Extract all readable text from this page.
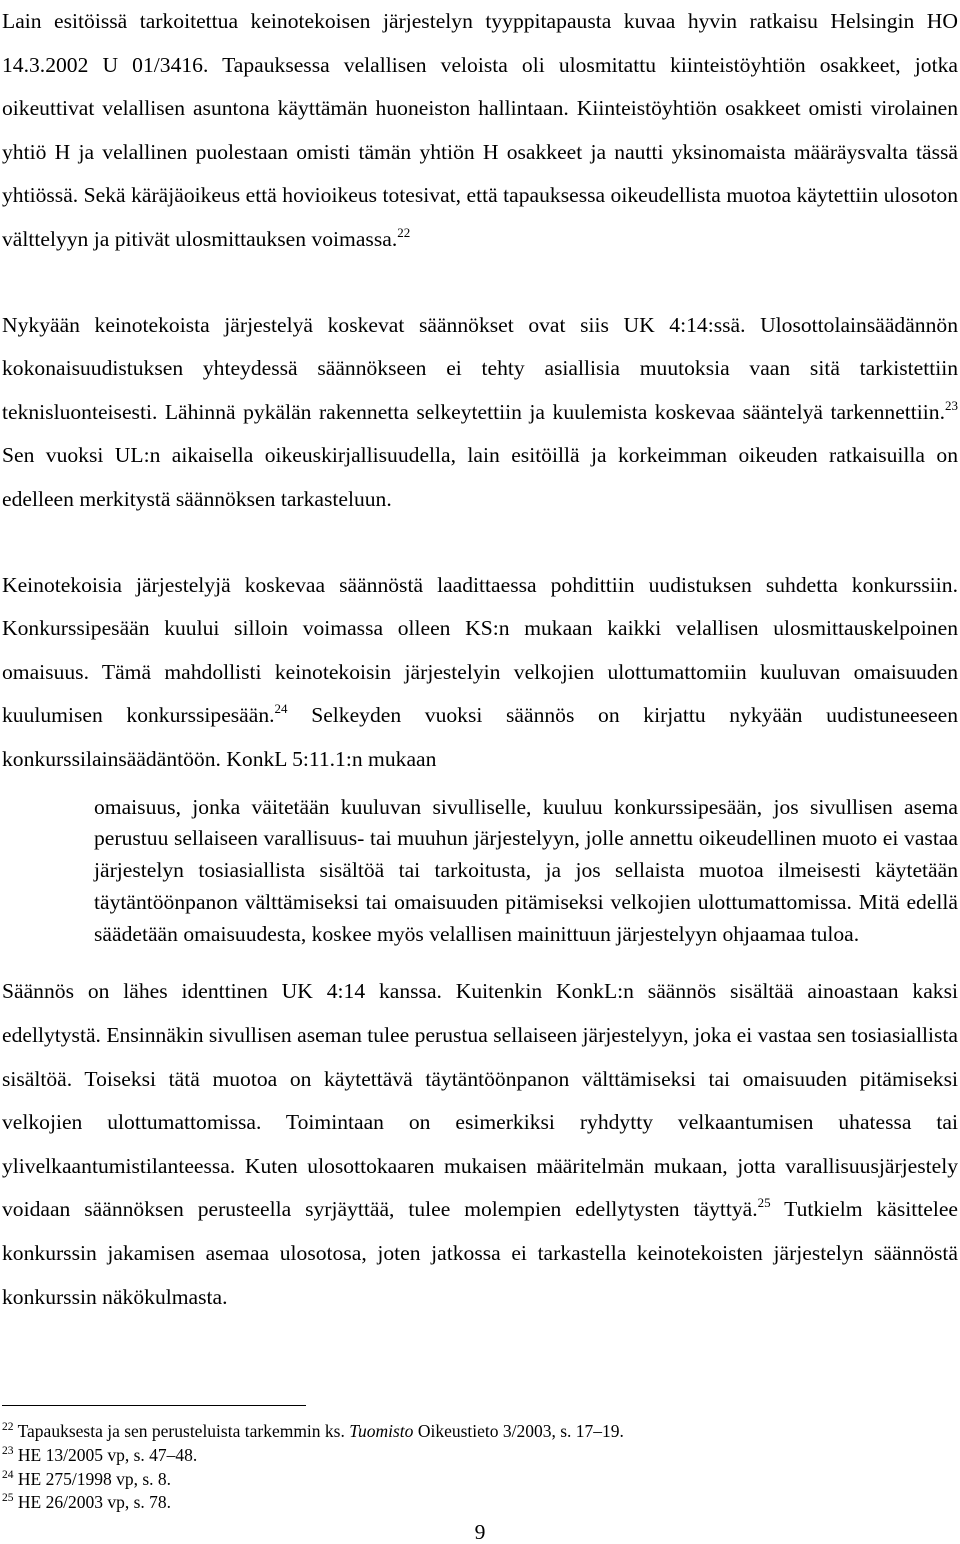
Lain esitöissä tarkoitettua keinotekoisen järjestelyn tyyppitapausta kuvaa hyvin ratkaisu Helsingin HO 14.3.2002 U 01/3416. Tapauksessa velallisen veloista oli ulosmitattu kiinteistöyhtiön osakkeet, jotka oikeuttivat velallisen asuntona käyttämän huoneiston hallintaan. Kiinteistöyhtiön osakkeet omisti virolainen yhtiö H ja velallinen puolestaan omisti tämän yhtiön H osakkeet ja nautti yksinomaista määräysvalta tässä yhtiössä. Sekä käräjäoikeus että hovioikeus totesivat, että tapauksessa oikeudellista muotoa käytettiin ulosoton välttelyyn ja pitivät ulosmittauksen voimassa.$^{22}$

Nykyään keinotekoista järjestelyä koskevat säännökset ovat siis UK 4:14:ssä. Ulosottolainsäädännön kokonaisuudistuksen yhteydessä säännökseen ei tehty asiallisia muutoksia vaan sitä tarkistettiin teknisluonteisesti. Lähinnä pykälän rakennetta selkeytettiin ja kuulemista koskevaa sääntelyä tarkennettiin.$^{23}$ Sen vuoksi UL:n aikaisella oikeuskirjallisuudella, lain esitöillä ja korkeimman oikeuden ratkaisuilla on edelleen merkitystä säännöksen tarkasteluun.

Keinotekoisia järjestelyjä koskevaa säännöstä laadittaessa pohdittiin uudistuksen suhdetta konkurssiin. Konkurssipesään kuului silloin voimassa olleen KS:n mukaan kaikki velallisen ulosmittauskelpoinen omaisuus. Tämä mahdollisti keinotekoisin järjestelyin velkojien ulottumattomiin kuuluvan omaisuuden kuulumisen konkurssipesään.$^{24}$ Selkeyden vuoksi säännös on kirjattu nykyään uudistuneeseen konkurssilainsäädäntöön. KonkL 5:11.1:n mukaan

omaisuus, jonka väitetään kuuluvan sivulliselle, kuuluu konkurssipesään, jos sivullisen asema perustuu sellaiseen varallisuus- tai muuhun järjestelyyn, jolle annettu oikeudellinen muoto ei vastaa järjestelyn tosiasiallista sisältöä tai tarkoitusta, ja jos sellaista muotoa ilmeisesti käytetään täytäntöönpanon välttämiseksi tai omaisuuden pitämiseksi velkojien ulottumattomissa. Mitä edellä säädetään omaisuudesta, koskee myös velallisen mainittuun järjestelyyn ohjaamaa tuloa.

Säännös on lähes identtinen UK 4:14 kanssa. Kuitenkin KonkL:n säännös sisältää ainoastaan kaksi edellytystä. Ensinnäkin sivullisen aseman tulee perustua sellaiseen järjestelyyn, joka ei vastaa sen tosiasiallista sisältöä. Toiseksi tätä muotoa on käytettävä täytäntöönpanon välttämiseksi tai omaisuuden pitämiseksi velkojien ulottumattomissa. Toimintaan on esimerkiksi ryhdytty velkaantumisen uhatessa tai ylivelkaantumistilanteessa. Kuten ulosottokaaren mukaisen määritelmän mukaan, jotta varallisuusjärjestely voidaan säännöksen perusteella syrjäyttää, tulee molempien edellytysten täyttyä.$^{25}$ Tutkielm käsittelee konkurssin jakamisen asemaa ulosotosa, joten jatkossa ei tarkastella keinotekoisten järjestelyn säännöstä konkurssin näkökulmasta.

$^{22}$ Tapauksesta ja sen perusteluista tarkemmin ks. Tuomisto Oikeustieto 3/2003, s. 17–19.

$^{23}$ HE 13/2005 vp, s. 47–48.

$^{24}$ HE 275/1998 vp, s. 8.

$^{25}$ HE 26/2003 vp, s. 78.

9
